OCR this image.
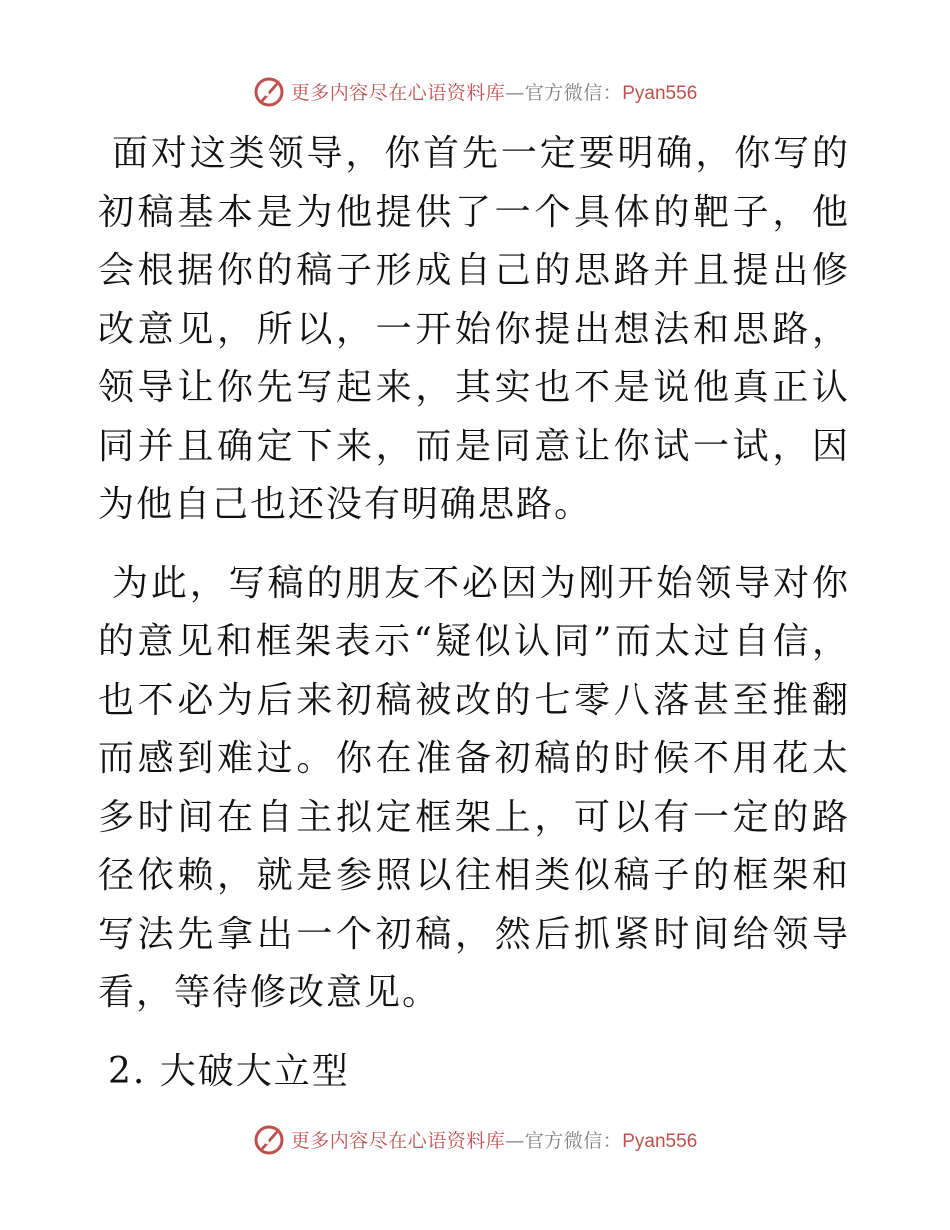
更多内容尽在心语资料库—官方微信：Pyan556

面对这类领导，你首先一定要明确，你写的初稿基本是为他提供了一个具体的靶子，他会根据你的稿子形成自己的思路并且提出修改意见，所以，一开始你提出想法和思路，领导让你先写起来，其实也不是说他真正认同并且确定下来，而是同意让你试一试，因为他自己也还没有明确思路。

为此，写稿的朋友不必因为刚开始领导对你的意见和框架表示“疑似认同”而太过自信，也不必为后来初稿被改的七零八落甚至推翻而感到难过。你在准备初稿的时候不用花太多时间在自主拟定框架上，可以有一定的路径依赖，就是参照以往相类似稿子的框架和写法先拿出一个初稿，然后抓紧时间给领导看，等待修改意见。

2. 大破大立型

更多内容尽在心语资料库—官方微信：Pyan556
